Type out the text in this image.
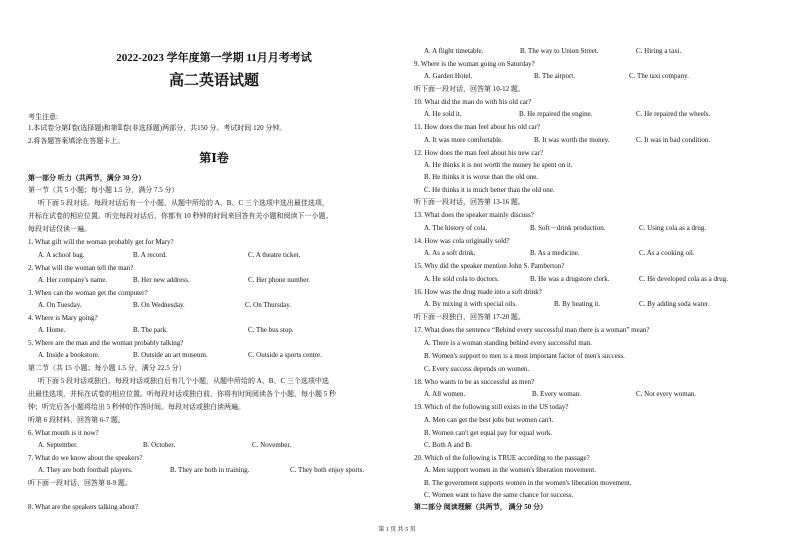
2022-2023 学年度第一学期 11月月考考试
高二英语试题
考生注意:
1.本试卷分第Ⅰ卷(选择题)和第Ⅱ卷(非选择题)两部分，共150 分。考试时间 120 分钟。
2.将各题答案填涂在答题卡上。
第Ⅰ卷
第一部分 听力（共两节，满分 30 分）
第一节（共 5 小题；每小题 1.5 分，满分 7.5 分）
听下面 5 段对话。每段对话后有一个小题，从题中所给的 A、B、C 三个选项中选出最佳选项，
并标在试卷的相应位置。听完每段对话后，你都有 10 秒钟的时间来回答有关小题和阅读下一小题。
每段对话仅读一遍。
1. What gift will the woman probably get for Mary?
A. A school bag.	B. A record.	C. A theatre ticket.
2. What will the woman tell the man?
A. Her company's name.	B. Her new address.	C. Her phone number.
3. When can the woman get the computer?
A. On Tuesday.	B. On Wednesday.	C. On Thursday.
4. Where is Mary going?
A. Home.	B. The park.	C. The bus stop.
5. Where are the man and the woman probably talking?
A. Inside a bookstore.	B. Outside an art museum.	C. Outside a sports centre.
第二节（共 15 小题；每小题 1.5 分，满分 22.5 分）
听下面 5 段对话或独白。每段对话或独白后有几个小题，从题中所给的 A、B、C 三个选项中选
出最佳选项，并标在试卷的相应位置。听每段对话或独白前，你将有时间阅读各个小题，每小题 5 秒
钟；听完后各小题将给出 5 秒钟的作答时间。每段对话或独白读两遍。
听第 6 段材料，回答第 6-7 题。
6. What month is it now?
A. September.	B. October.	C. November.
7. What do we know about the speakers?
A. They are both football players.	B. They are both in training.	C. They both enjoy sports.
听下面一段对话，回答第 8-9 题。
8. What are the speakers talking about?
A. A flight timetable.	B. The way to Union Street.	C. Hiring a taxi.
9. Where is the woman going on Saturday?
A. Garden Hotel.	B. The airport.	C. The taxi company.
听下面一段对话，回答第 10-12 题。
10. What did the man do with his old car?
A. He sold it.	B. He repaired the engine.	C. He repaired the wheels.
11. How does the man feel about his old car?
A. It was more comfortable.	B. It was worth the money.	C. It was in bad condition.
12. How does the man feel about his new car?
A. He thinks it is not worth the money he spent on it.
B. He thinks it is worse than the old one.
C. He thinks it is much better than the old one.
听下面一段对话，回答第 13-16 题。
13. What does the speaker mainly discuss?
A. The history of cola.	B. Soft－drink production.	C. Using cola as a drug.
14. How was cola originally sold?
A. As a soft drink.	B. As a medicine.	C. As a cooking oil.
15. Why did the speaker mention John S. Pamberton?
A. He sold cola to doctors.	B. He was a drugstore clerk.	C. He developed cola as a drug.
16. How was the drug made into a soft drink?
A. By mixing it with special oils.	B. By heating it.	C. By adding soda water.
听下面一段独白，回答第 17-20 题。
17. What does the sentence “Behind every successful man there is a woman” mean?
A. There is a woman standing behind every successful man.
B. Women's support to men is a most important factor of men's success.
C. Every success depends on women.
18. Who wants to be as successful as men?
A. All women.	B. Every woman.	C. Not every woman.
19. Which of the following still exists in the US today?
A. Men can get the best jobs but women can't.
B. Women can't get equal pay for equal work.
C. Both A and B.
20. Which of the following is TRUE according to the passage?
A. Men support women in the women's liberation movement.
B. The government supports women in the women's liberation movement.
C. Women want to have the same chance for success.
第二部分 阅读理解（共两节， 满分 50 分）
第 1 页 共 5 页
